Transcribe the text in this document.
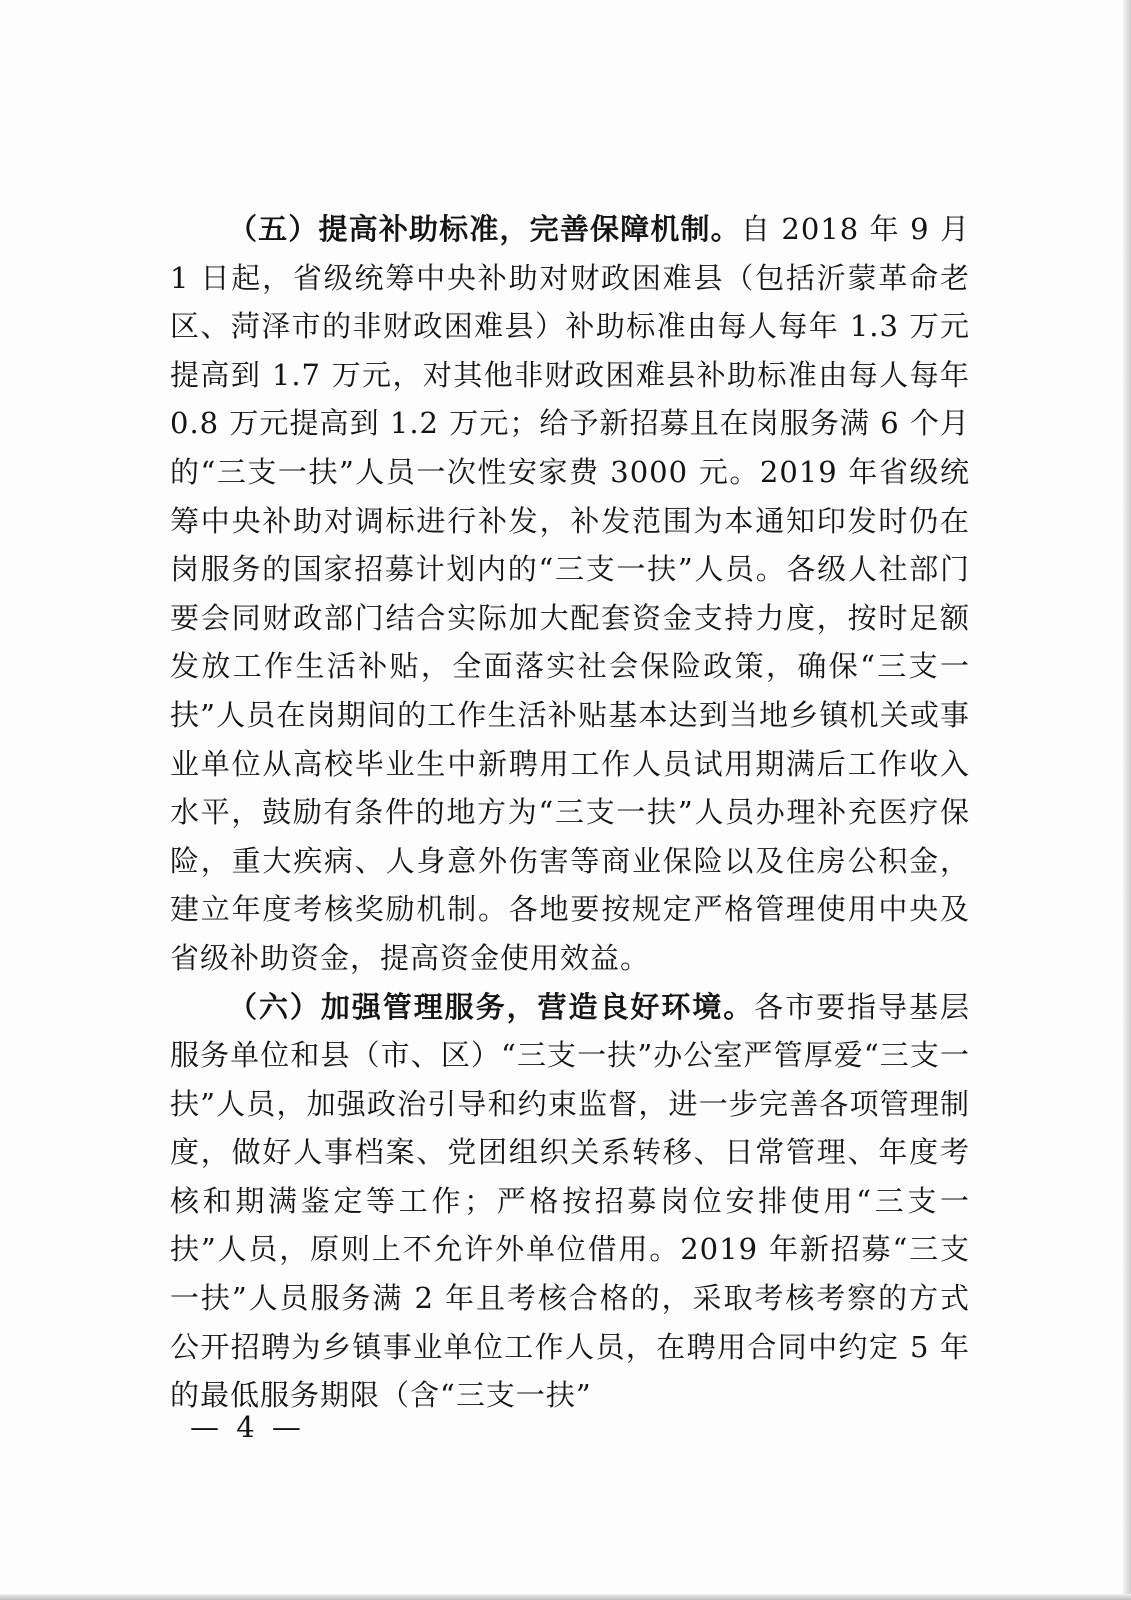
（五）提高补助标准，完善保障机制。自 2018 年 9 月 1 日起，省级统筹中央补助对财政困难县（包括沂蒙革命老区、菏泽市的非财政困难县）补助标准由每人每年 1.3 万元提高到 1.7 万元，对其他非财政困难县补助标准由每人每年 0.8 万元提高到 1.2 万元；给予新招募且在岗服务满 6 个月的“三支一扶”人员一次性安家费 3000 元。2019 年省级统筹中央补助对调标进行补发，补发范围为本通知印发时仍在岗服务的国家招募计划内的“三支一扶”人员。各级人社部门要会同财政部门结合实际加大配套资金支持力度，按时足额发放工作生活补贴，全面落实社会保险政策，确保“三支一扶”人员在岗期间的工作生活补贴基本达到当地乡镇机关或事业单位从高校毕业生中新聘用工作人员试用期满后工作收入水平，鼓励有条件的地方为“三支一扶”人员办理补充医疗保险，重大疾病、人身意外伤害等商业保险以及住房公积金，建立年度考核奖励机制。各地要按规定严格管理使用中央及省级补助资金，提高资金使用效益。

（六）加强管理服务，营造良好环境。各市要指导基层服务单位和县（市、区）“三支一扶”办公室严管厚爱“三支一扶”人员，加强政治引导和约束监督，进一步完善各项管理制度，做好人事档案、党团组织关系转移、日常管理、年度考核和期满鉴定等工作；严格按招募岗位安排使用“三支一扶”人员，原则上不允许外单位借用。2019 年新招募“三支一扶”人员服务满 2 年且考核合格的，采取考核考察的方式公开招聘为乡镇事业单位工作人员，在聘用合同中约定 5 年的最低服务期限（含“三支一扶”

— 4 —
